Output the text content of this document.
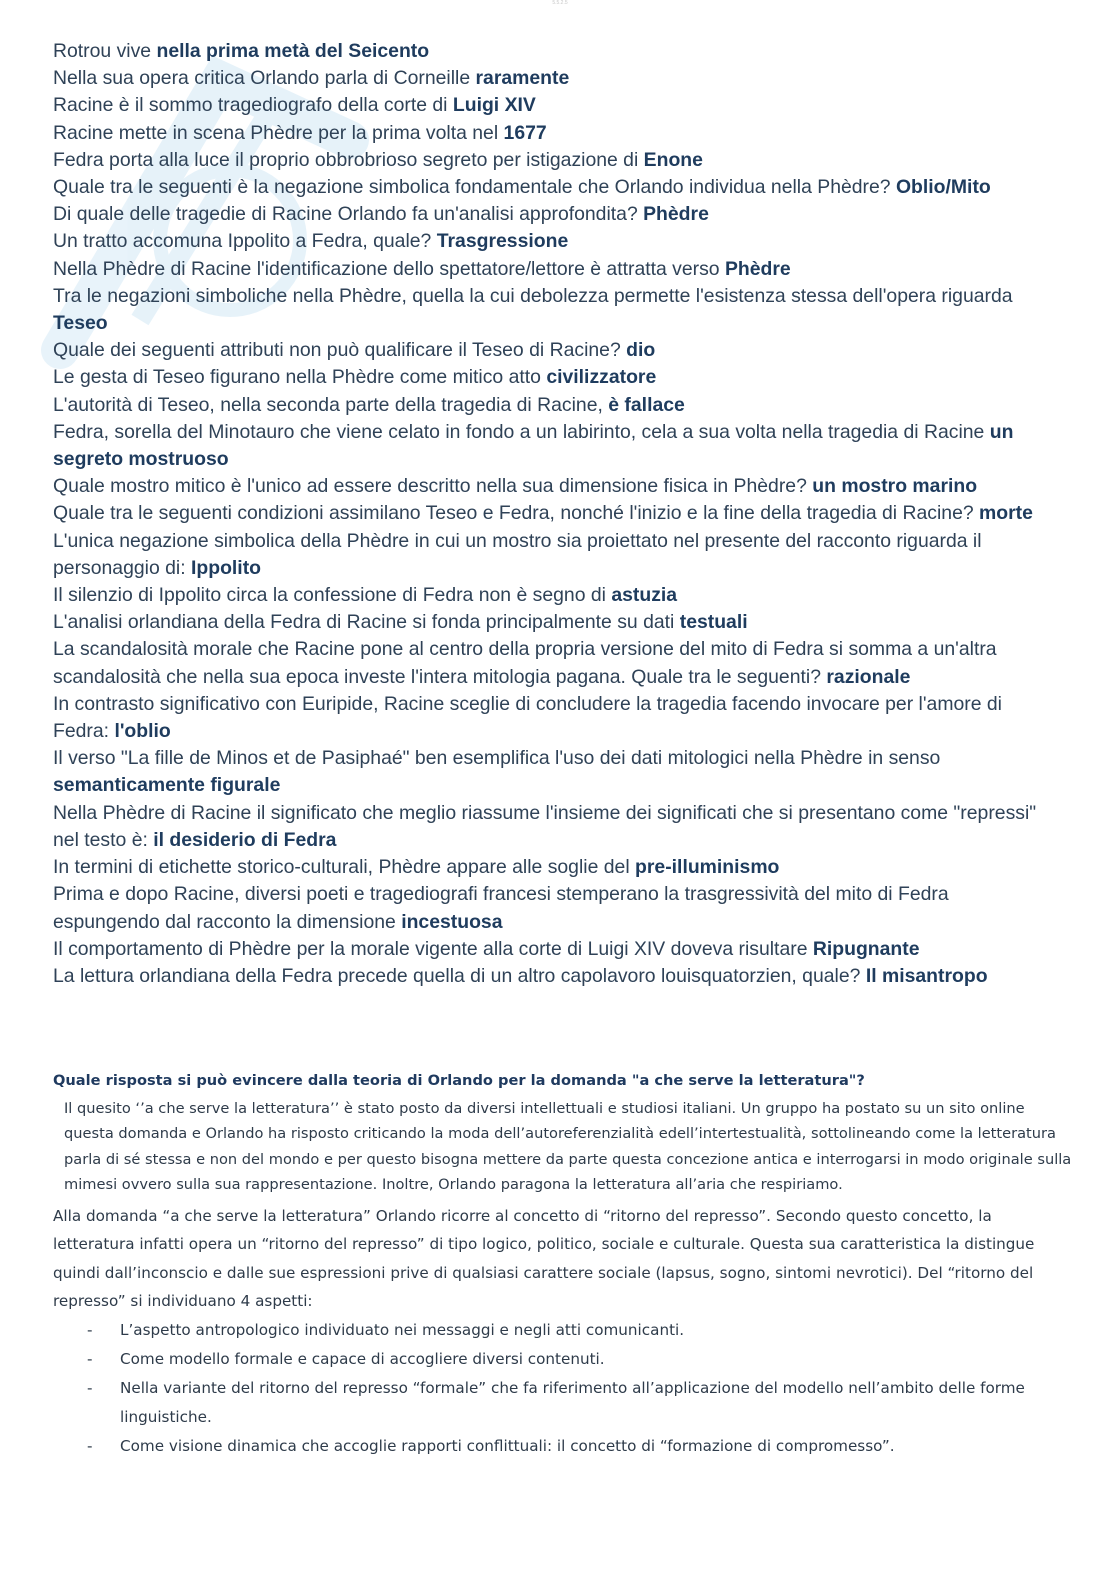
5.5.2.5

Rotrou vive nella prima metà del Seicento

Nella sua opera critica Orlando parla di Corneille raramente

Racine è il sommo tragediografo della corte di Luigi XIV

Racine mette in scena Phèdre per la prima volta nel 1677

Fedra porta alla luce il proprio obbrobrioso segreto per istigazione di Enone

Quale tra le seguenti è la negazione simbolica fondamentale che Orlando individua nella Phèdre? Oblio/Mito

Di quale delle tragedie di Racine Orlando fa un'analisi approfondita? Phèdre

Un tratto accomuna Ippolito a Fedra, quale? Trasgressione

Nella Phèdre di Racine l'identificazione dello spettatore/lettore è attratta verso Phèdre

Tra le negazioni simboliche nella Phèdre, quella la cui debolezza permette l'esistenza stessa dell'opera riguarda
Teseo

Quale dei seguenti attributi non può qualificare il Teseo di Racine? dio

Le gesta di Teseo figurano nella Phèdre come mitico atto civilizzatore

L'autorità di Teseo, nella seconda parte della tragedia di Racine, è fallace

Fedra, sorella del Minotauro che viene celato in fondo a un labirinto, cela a sua volta nella tragedia di Racine un segreto mostruoso

Quale mostro mitico è l'unico ad essere descritto nella sua dimensione fisica in Phèdre? un mostro marino

Quale tra le seguenti condizioni assimilano Teseo e Fedra, nonché l'inizio e la fine della tragedia di Racine? morte

L'unica negazione simbolica della Phèdre in cui un mostro sia proiettato nel presente del racconto riguarda il personaggio di: Ippolito

Il silenzio di Ippolito circa la confessione di Fedra non è segno di astuzia

L'analisi orlandiana della Fedra di Racine si fonda principalmente su dati testuali

La scandalosità morale che Racine pone al centro della propria versione del mito di Fedra si somma a un'altra scandalosità che nella sua epoca investe l'intera mitologia pagana. Quale tra le seguenti? razionale

In contrasto significativo con Euripide, Racine sceglie di concludere la tragedia facendo invocare per l'amore di Fedra: l'oblio

Il verso "La fille de Minos et de Pasiphaé" ben esemplifica l'uso dei dati mitologici nella Phèdre in senso semanticamente figurale

Nella Phèdre di Racine il significato che meglio riassume l'insieme dei significati che si presentano come "repressi" nel testo è: il desiderio di Fedra

In termini di etichette storico-culturali, Phèdre appare alle soglie del pre-illuminismo

Prima e dopo Racine, diversi poeti e tragediografi francesi stemperano la trasgressività del mito di Fedra espungendo dal racconto la dimensione incestuosa

Il comportamento di Phèdre per la morale vigente alla corte di Luigi XIV doveva risultare Ripugnante

La lettura orlandiana della Fedra precede quella di un altro capolavoro louisquatorzien, quale? Il misantropo

Quale risposta si può evincere dalla teoria di Orlando per la domanda "a che serve la letteratura"?

Il quesito ‘’a che serve la letteratura’’ è stato posto da diversi intellettuali e studiosi italiani. Un gruppo ha postato su un sito online questa domanda e Orlando ha risposto criticando la moda dell’autoreferenzialità edell’intertestualità, sottolineando come la letteratura parla di sé stessa e non del mondo e per questo bisogna mettere da parte questa concezione antica e interrogarsi in modo originale sulla mimesi ovvero sulla sua rappresentazione. Inoltre, Orlando paragona la letteratura all’aria che respiriamo.

Alla domanda “a che serve la letteratura” Orlando ricorre al concetto di “ritorno del represso”. Secondo questo concetto, la letteratura infatti opera un “ritorno del represso” di tipo logico, politico, sociale e culturale. Questa sua caratteristica la distingue quindi dall’inconscio e dalle sue espressioni prive di qualsiasi carattere sociale (lapsus, sogno, sintomi nevrotici). Del “ritorno del represso” si individuano 4 aspetti:

- L’aspetto antropologico individuato nei messaggi e negli atti comunicanti.
- Come modello formale e capace di accogliere diversi contenuti.
- Nella variante del ritorno del represso “formale” che fa riferimento all’applicazione del modello nell’ambito delle forme linguistiche.
- Come visione dinamica che accoglie rapporti conflittuali: il concetto di “formazione di compromesso”.
